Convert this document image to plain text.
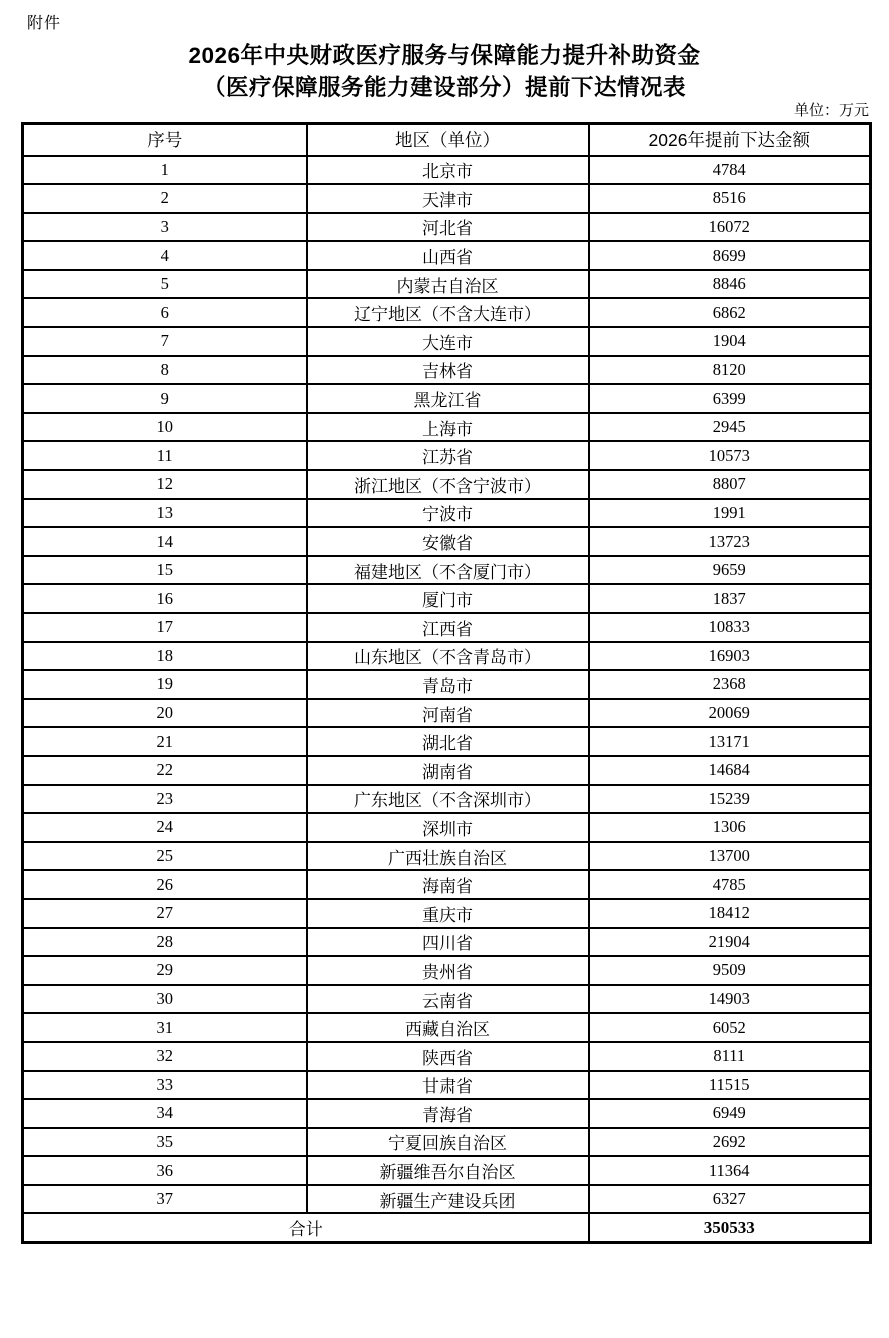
附件
2026年中央财政医疗服务与保障能力提升补助资金
（医疗保障服务能力建设部分）提前下达情况表
单位：万元
序号	地区（单位）	2026年提前下达金额
1	北京市	4784
2	天津市	8516
3	河北省	16072
4	山西省	8699
5	内蒙古自治区	8846
6	辽宁地区（不含大连市）	6862
7	大连市	1904
8	吉林省	8120
9	黑龙江省	6399
10	上海市	2945
11	江苏省	10573
12	浙江地区（不含宁波市）	8807
13	宁波市	1991
14	安徽省	13723
15	福建地区（不含厦门市）	9659
16	厦门市	1837
17	江西省	10833
18	山东地区（不含青岛市）	16903
19	青岛市	2368
20	河南省	20069
21	湖北省	13171
22	湖南省	14684
23	广东地区（不含深圳市）	15239
24	深圳市	1306
25	广西壮族自治区	13700
26	海南省	4785
27	重庆市	18412
28	四川省	21904
29	贵州省	9509
30	云南省	14903
31	西藏自治区	6052
32	陕西省	8111
33	甘肃省	11515
34	青海省	6949
35	宁夏回族自治区	2692
36	新疆维吾尔自治区	11364
37	新疆生产建设兵团	6327
合计		350533
